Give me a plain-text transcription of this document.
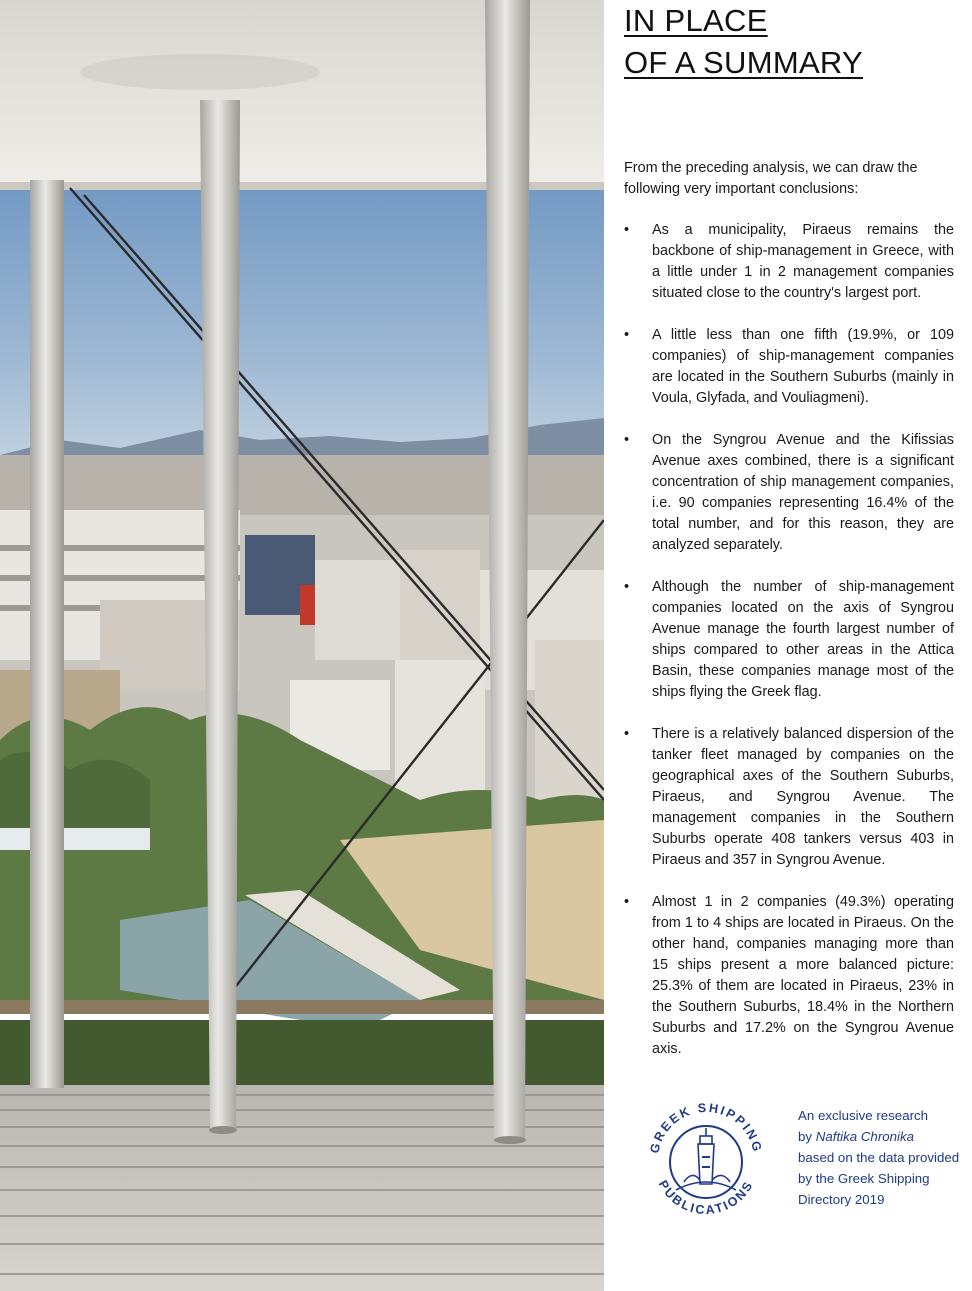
IN PLACE
OF A SUMMARY

From the preceding analysis, we can draw the following very important conclusions:

•	As a municipality, Piraeus remains the backbone of ship-management in Greece, with a little under 1 in 2 management companies situated close to the country's largest port.
•	A little less than one fifth (19.9%, or 109 companies) of ship-management companies are located in the Southern Suburbs (mainly in Voula, Glyfada, and Vouliagmeni).
•	On the Syngrou Avenue and the Kifissias Avenue axes combined, there is a significant concentration of ship management companies, i.e. 90 companies representing 16.4% of the total number, and for this reason, they are analyzed separately.
•	Although the number of ship-management companies located on the axis of Syngrou Avenue manage the fourth largest number of ships compared to other areas in the Attica Basin, these companies manage most of the ships flying the Greek flag.
•	There is a relatively balanced dispersion of the tanker fleet managed by companies on the geographical axes of the Southern Suburbs, Piraeus, and Syngrou Avenue. The management companies in the Southern Suburbs operate 408 tankers versus 403 in Piraeus and 357 in Syngrou Avenue.
•	Almost 1 in 2 companies (49.3%) operating from 1 to 4 ships are located in Piraeus. On the other hand, companies managing more than 15 ships present a more balanced picture: 25.3% of them are located in Piraeus, 23% in the Southern Suburbs, 18.4% in the Northern Suburbs and 17.2% on the Syngrou Avenue axis.
GREEK SHIPPING
PUBLICATIONS
An exclusive research
by Naftika Chronika
based on the data provided
by the Greek Shipping
Directory 2019
